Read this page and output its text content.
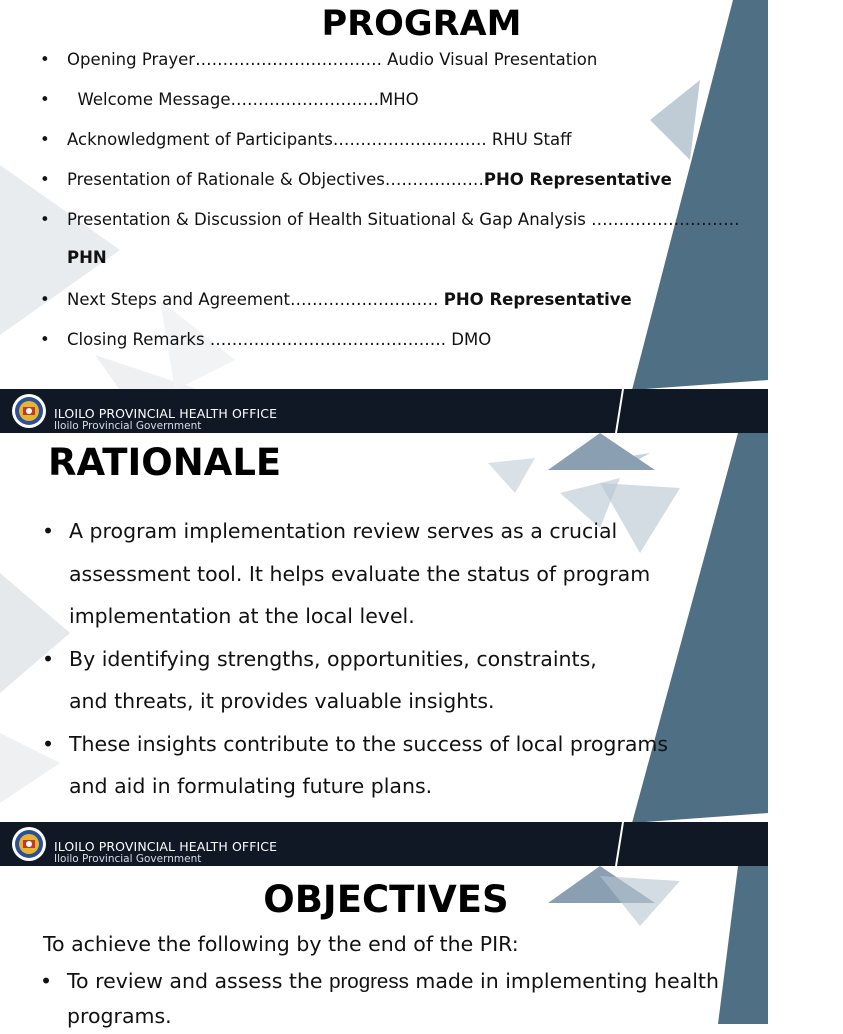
PROGRAM
• Opening Prayer……………………………. Audio Visual Presentation
• Welcome Message………………………MHO
• Acknowledgment of Participants………………………. RHU Staff
• Presentation of Rationale & Objectives………………PHO Representative
• Presentation & Discussion of Health Situational & Gap Analysis ………………………
PHN
• Next Steps and Agreement……………………… PHO Representative
• Closing Remarks ……………………………………. DMO
ILOILO PROVINCIAL HEALTH OFFICE
Iloilo Provincial Government
RATIONALE
• A program implementation review serves as a crucial
assessment tool. It helps evaluate the status of program
implementation at the local level.
• By identifying strengths, opportunities, constraints,
and threats, it provides valuable insights.
• These insights contribute to the success of local programs
and aid in formulating future plans.
ILOILO PROVINCIAL HEALTH OFFICE
Iloilo Provincial Government
OBJECTIVES
To achieve the following by the end of the PIR:
• To review and assess the progress made in implementing health
programs.
